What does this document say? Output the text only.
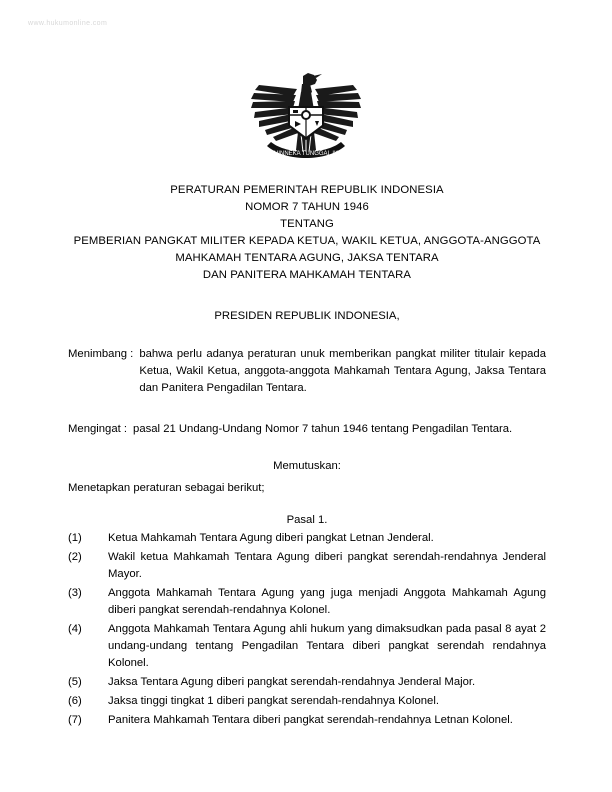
www.hukumonline.com
BHINNEKA TUNGGAL IKA
PERATURAN PEMERINTAH REPUBLIK INDONESIA
NOMOR 7 TAHUN 1946
TENTANG
PEMBERIAN PANGKAT MILITER KEPADA KETUA, WAKIL KETUA, ANGGOTA-ANGGOTA
MAHKAMAH TENTARA AGUNG, JAKSA TENTARA
DAN PANITERA MAHKAMAH TENTARA
PRESIDEN REPUBLIK INDONESIA,
Menimbang : bahwa perlu adanya peraturan unuk memberikan pangkat militer titulair kepada Ketua, Wakil Ketua, anggota-anggota Mahkamah Tentara Agung, Jaksa Tentara dan Panitera Pengadilan Tentara.
Mengingat : pasal 21 Undang-Undang Nomor 7 tahun 1946 tentang Pengadilan Tentara.
Memutuskan:
Menetapkan peraturan sebagai berikut;
Pasal 1.
(1)	Ketua Mahkamah Tentara Agung diberi pangkat Letnan Jenderal.
(2)	Wakil ketua Mahkamah Tentara Agung diberi pangkat serendah-rendahnya Jenderal Mayor.
(3)	Anggota Mahkamah Tentara Agung yang juga menjadi Anggota Mahkamah Agung diberi pangkat serendah-rendahnya Kolonel.
(4)	Anggota Mahkamah Tentara Agung ahli hukum yang dimaksudkan pada pasal 8 ayat 2 undang-undang tentang Pengadilan Tentara diberi pangkat serendah rendahnya Kolonel.
(5)	Jaksa Tentara Agung diberi pangkat serendah-rendahnya Jenderal Major.
(6)	Jaksa tinggi tingkat 1 diberi pangkat serendah-rendahnya Kolonel.
(7)	Panitera Mahkamah Tentara diberi pangkat serendah-rendahnya Letnan Kolonel.
